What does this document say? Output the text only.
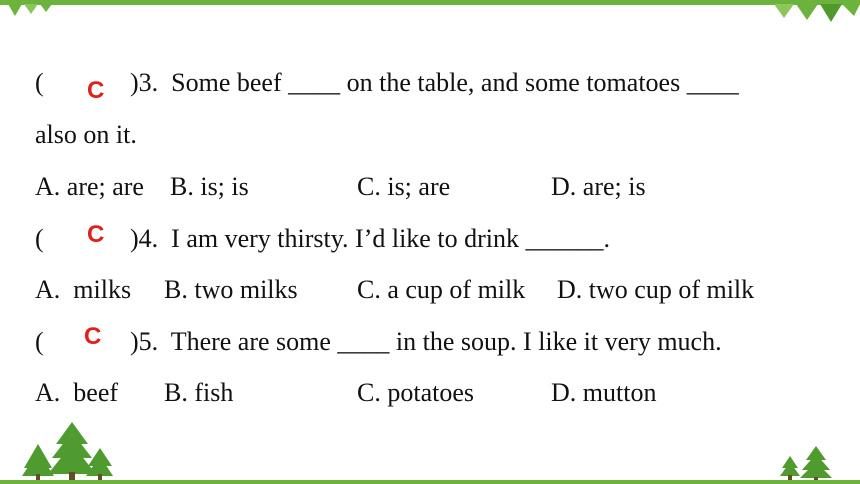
( C )3.  Some beef ____ on the table, and some tomatoes ____
also on it.
A. are; are B. is; is	C. is; are	D. are; is
( C )4.  I am very thirsty. I’d like to drink ______.
A.  milks B. two milks C. a cup of milk D. two cup of milk
( C )5.  There are some ____ in the soup. I like it very much.
A.  beef B. fish	C. potatoes	D. mutton
